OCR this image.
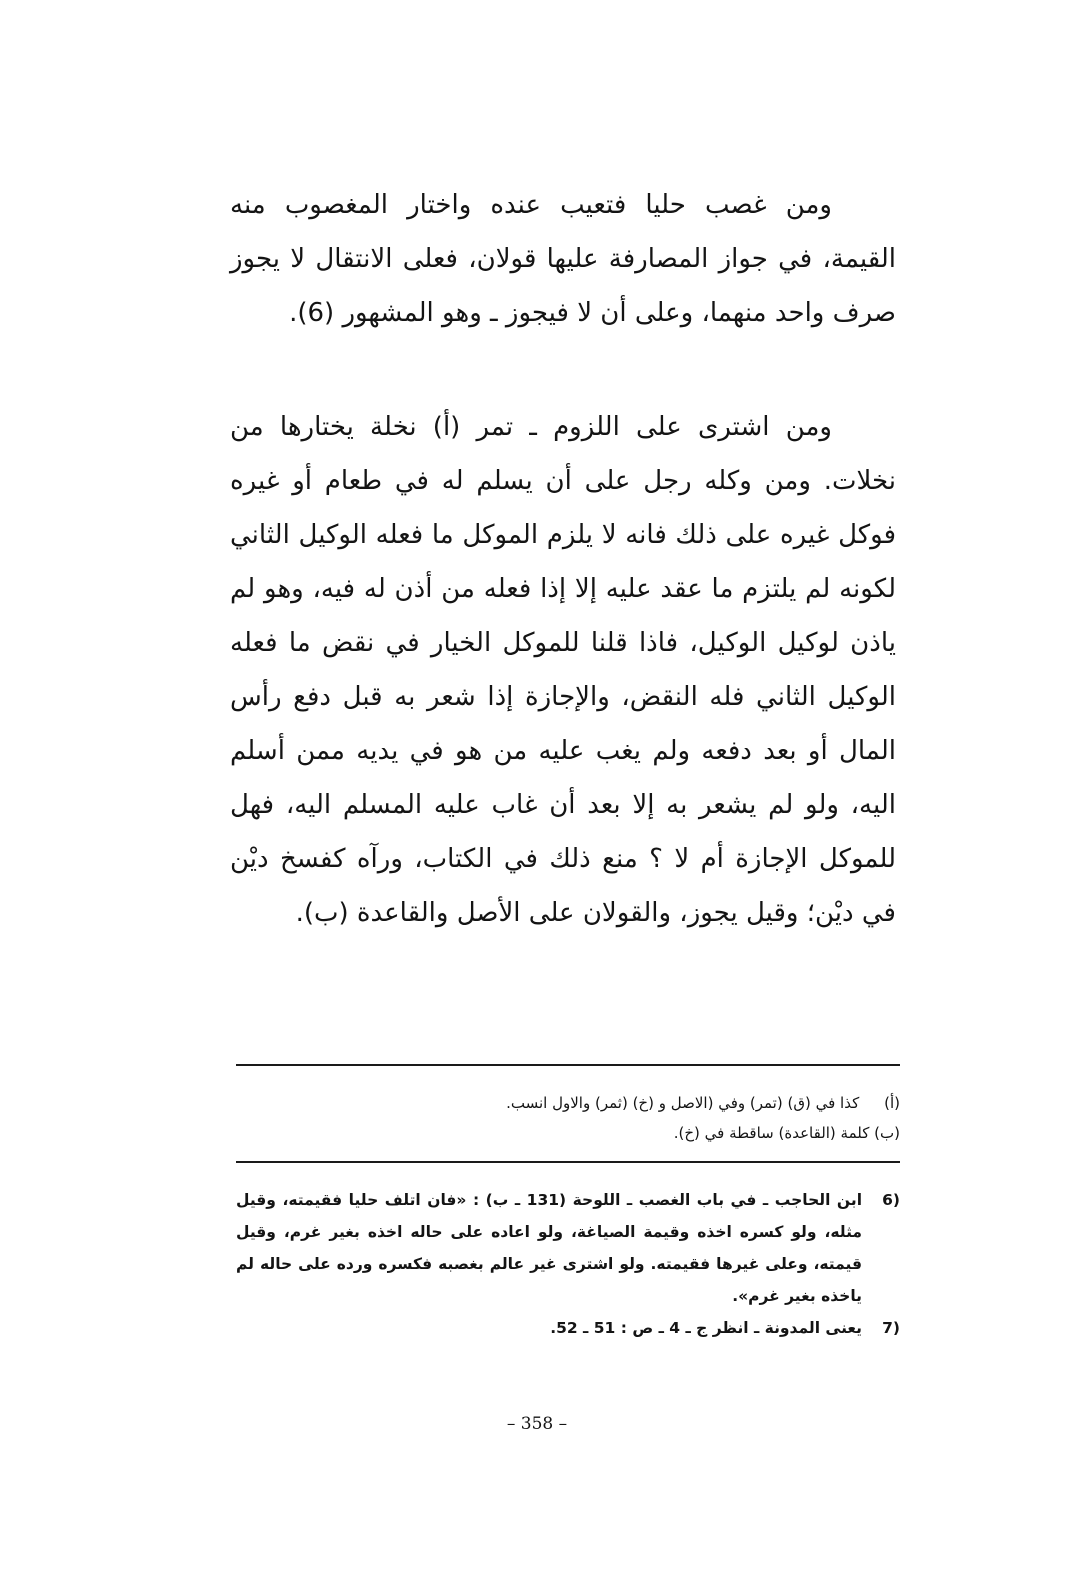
ومن غصب حليا فتعيب عنده واختار المغصوب منه القيمة، في جواز المصارفة عليها قولان، فعلى الانتقال لا يجوز صرف واحد منهما، وعلى أن لا فيجوز ـ وهو المشهور (6).

ومن اشترى على اللزوم ـ تمر (أ) نخلة يختارها من نخلات. ومن وكله رجل على أن يسلم له في طعام أو غيره فوكل غيره على ذلك فانه لا يلزم الموكل ما فعله الوكيل الثاني لكونه لم يلتزم ما عقد عليه إلا إذا فعله من أذن له فيه، وهو لم ياذن لوكيل الوكيل، فاذا قلنا للموكل الخيار في نقض ما فعله الوكيل الثاني فله النقض، والإجازة إذا شعر به قبل دفع رأس المال أو بعد دفعه ولم يغب عليه من هو في يديه ممن أسلم اليه، ولو لم يشعر به إلا بعد أن غاب عليه المسلم اليه، فهل للموكل الإجازة أم لا ؟ منع ذلك في الكتاب، ورآه كفسخ ديْن في ديْن؛ وقيل يجوز، والقولان على الأصل والقاعدة (ب).

(أ) كذا في (ق) (تمر) وفي (الاصل و (خ) (ثمر) والاول انسب.
(ب) كلمة (القاعدة) ساقطة في (خ).
6)
ابن الحاجب ـ في باب الغصب ـ اللوحة (131 ـ ب) : «فان اتلف حليا فقيمته، وقيل مثله، ولو كسره اخذه وقيمة الصياغة، ولو اعاده على حاله اخذه بغير غرم، وقيل قيمته، وعلى غيرها فقيمته. ولو اشترى غير عالم بغصبه فكسره ورده على حاله لم ياخذه بغير غرم».
7)
يعنى المدونة ـ انظر ج ـ 4 ـ ص : 51 ـ 52.
– 358 –
